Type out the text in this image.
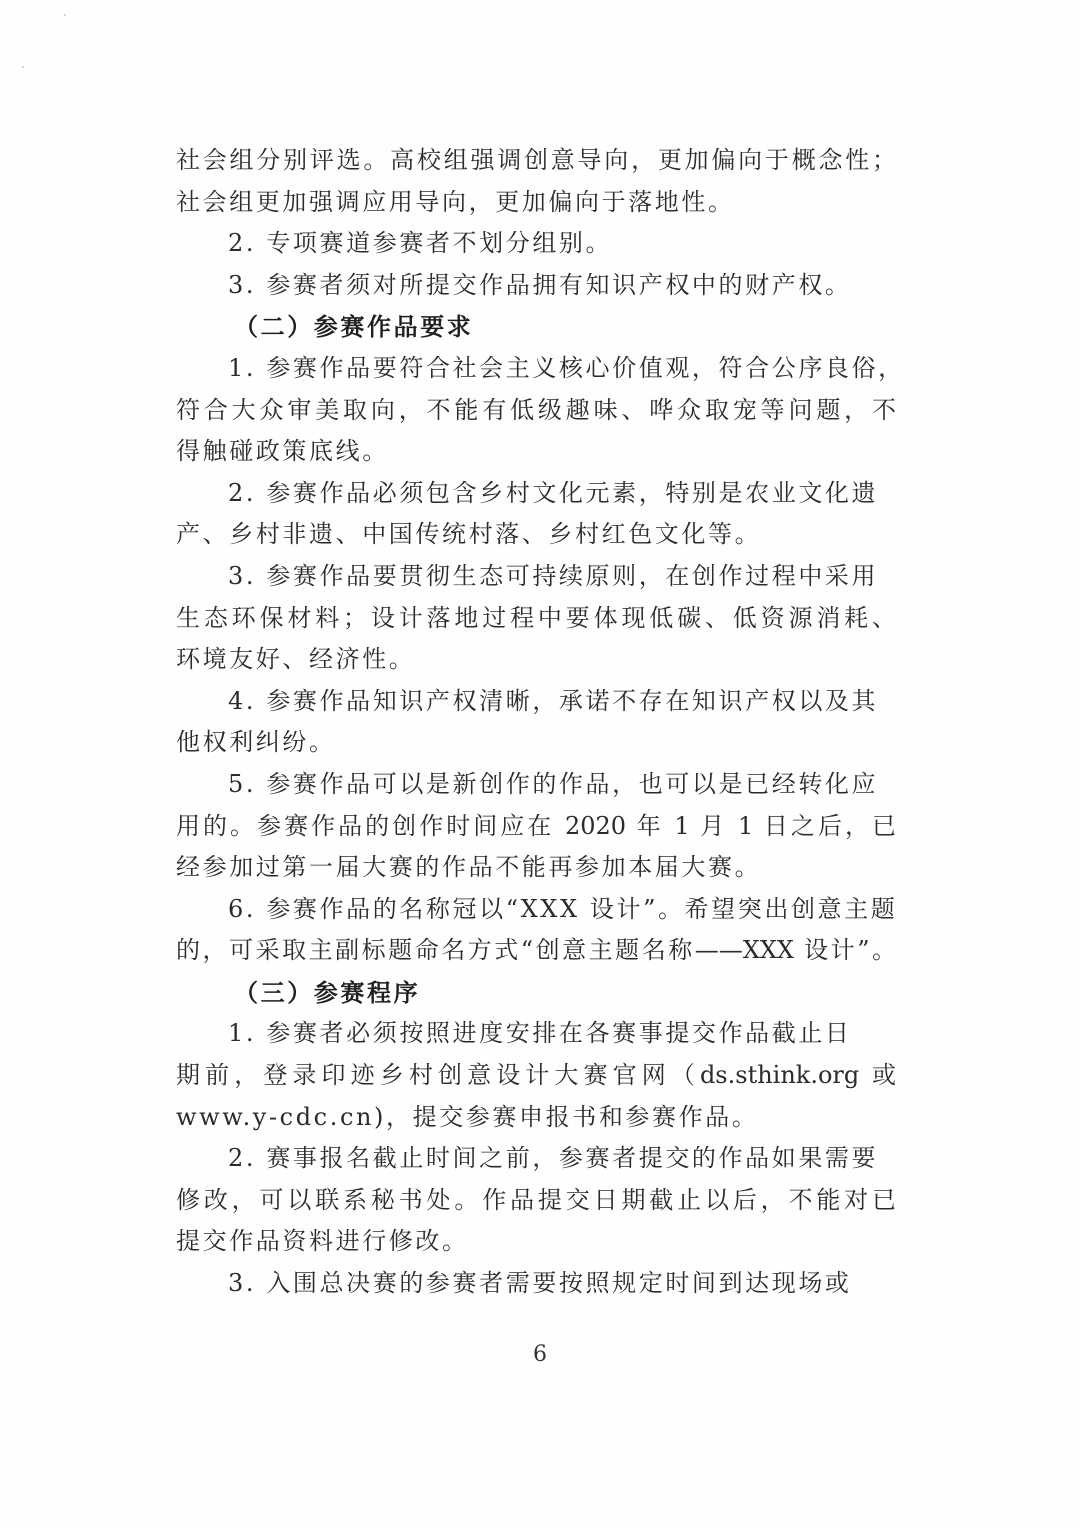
社会组分别评选。高校组强调创意导向，更加偏向于概念性；
社会组更加强调应用导向，更加偏向于落地性。
2. 专项赛道参赛者不划分组别。
3. 参赛者须对所提交作品拥有知识产权中的财产权。
（二）参赛作品要求
1. 参赛作品要符合社会主义核心价值观，符合公序良俗，
符合大众审美取向，不能有低级趣味、哗众取宠等问题，不
得触碰政策底线。
2. 参赛作品必须包含乡村文化元素，特别是农业文化遗
产、乡村非遗、中国传统村落、乡村红色文化等。
3. 参赛作品要贯彻生态可持续原则，在创作过程中采用
生态环保材料；设计落地过程中要体现低碳、低资源消耗、
环境友好、经济性。
4. 参赛作品知识产权清晰，承诺不存在知识产权以及其
他权利纠纷。
5. 参赛作品可以是新创作的作品，也可以是已经转化应
用的。参赛作品的创作时间应在 2020 年 1 月 1 日之后，已
经参加过第一届大赛的作品不能再参加本届大赛。
6. 参赛作品的名称冠以“XXX 设计”。希望突出创意主题
的，可采取主副标题命名方式“创意主题名称——XXX 设计”。
（三）参赛程序
1. 参赛者必须按照进度安排在各赛事提交作品截止日
期前，登录印迹乡村创意设计大赛官网（ds.sthink.org 或
www.y-cdc.cn)，提交参赛申报书和参赛作品。
2. 赛事报名截止时间之前，参赛者提交的作品如果需要
修改，可以联系秘书处。作品提交日期截止以后，不能对已
提交作品资料进行修改。
3. 入围总决赛的参赛者需要按照规定时间到达现场或
6
